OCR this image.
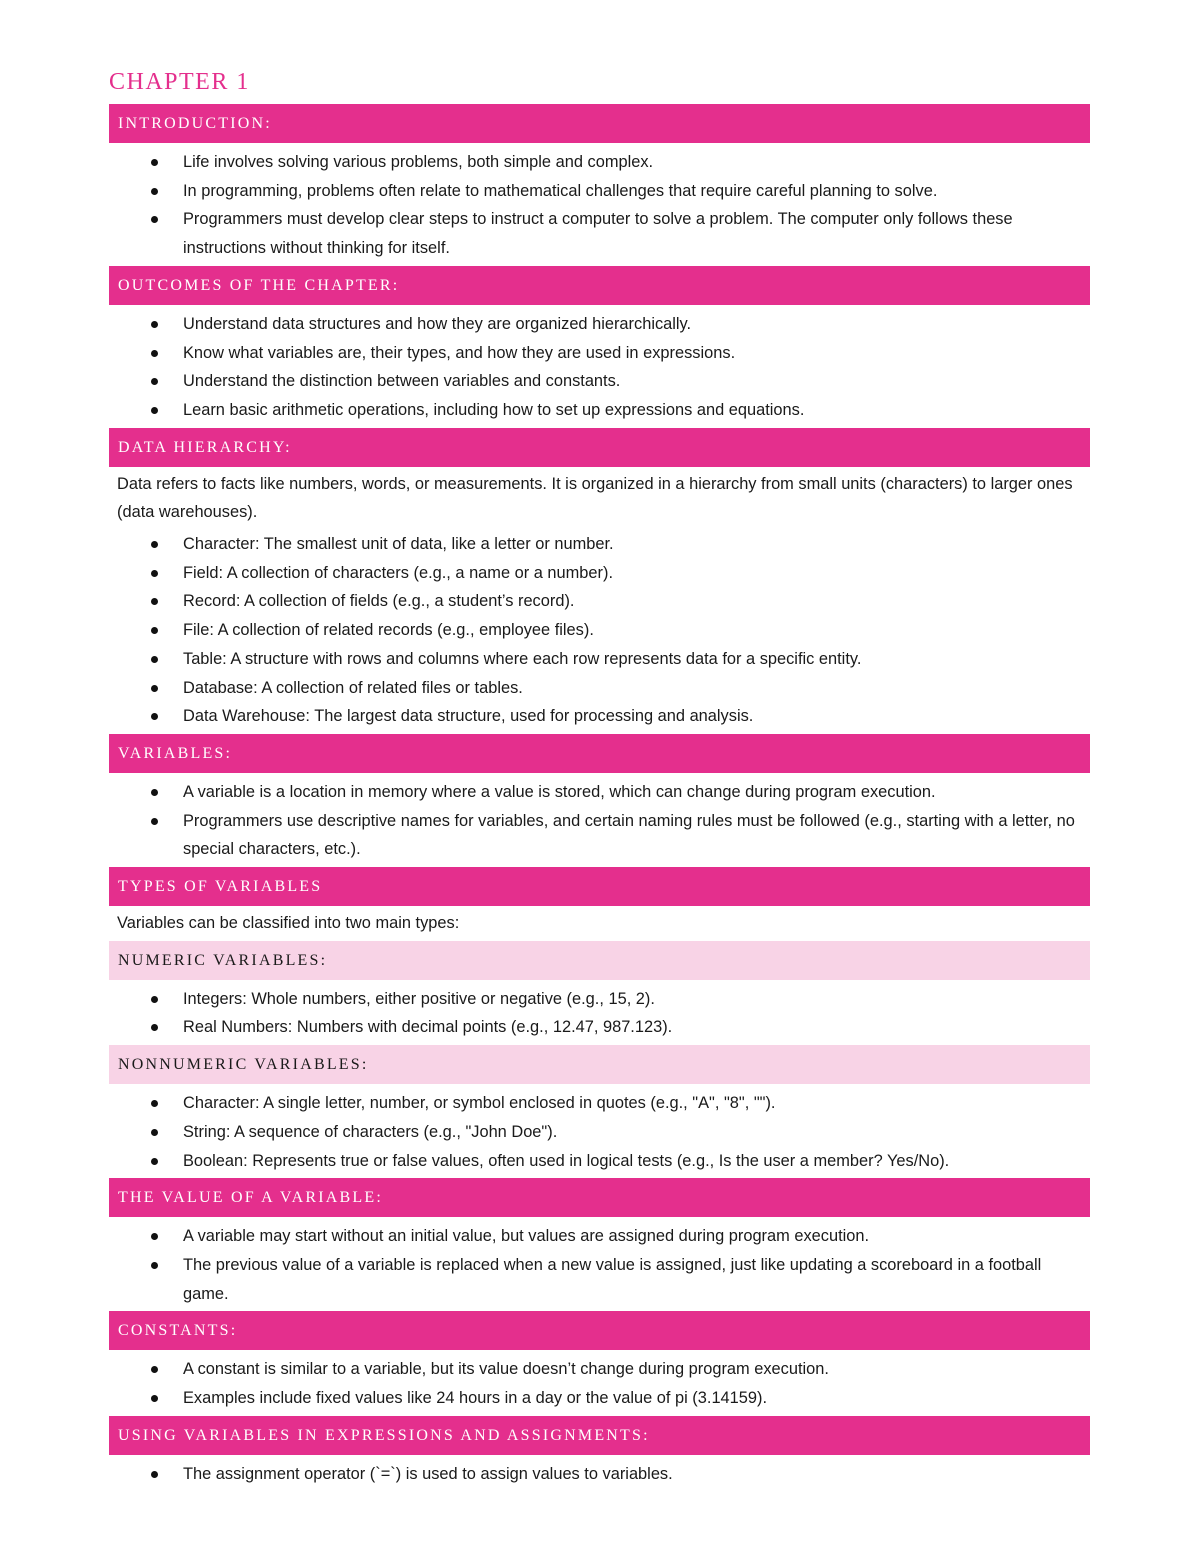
CHAPTER 1
INTRODUCTION:
Life involves solving various problems, both simple and complex.
In programming, problems often relate to mathematical challenges that require careful planning to solve.
Programmers must develop clear steps to instruct a computer to solve a problem. The computer only follows these instructions without thinking for itself.
OUTCOMES OF THE CHAPTER:
Understand data structures and how they are organized hierarchically.
Know what variables are, their types, and how they are used in expressions.
Understand the distinction between variables and constants.
Learn basic arithmetic operations, including how to set up expressions and equations.
DATA HIERARCHY:

Data refers to facts like numbers, words, or measurements. It is organized in a hierarchy from small units (characters) to larger ones (data warehouses).

Character: The smallest unit of data, like a letter or number.
Field: A collection of characters (e.g., a name or a number).
Record: A collection of fields (e.g., a student’s record).
File: A collection of related records (e.g., employee files).
Table: A structure with rows and columns where each row represents data for a specific entity.
Database: A collection of related files or tables.
Data Warehouse: The largest data structure, used for processing and analysis.
VARIABLES:
A variable is a location in memory where a value is stored, which can change during program execution.
Programmers use descriptive names for variables, and certain naming rules must be followed (e.g., starting with a letter, no special characters, etc.).
TYPES OF VARIABLES

Variables can be classified into two main types:

NUMERIC VARIABLES:
Integers: Whole numbers, either positive or negative (e.g., 15, 2).
Real Numbers: Numbers with decimal points (e.g., 12.47, 987.123).
NONNUMERIC VARIABLES:
Character: A single letter, number, or symbol enclosed in quotes (e.g., "A", "8", "").
String: A sequence of characters (e.g., "John Doe").
Boolean: Represents true or false values, often used in logical tests (e.g., Is the user a member? Yes/No).
THE VALUE OF A VARIABLE:
A variable may start without an initial value, but values are assigned during program execution.
The previous value of a variable is replaced when a new value is assigned, just like updating a scoreboard in a football game.
CONSTANTS:
A constant is similar to a variable, but its value doesn’t change during program execution.
Examples include fixed values like 24 hours in a day or the value of pi (3.14159).
USING VARIABLES IN EXPRESSIONS AND ASSIGNMENTS:
The assignment operator (`=`) is used to assign values to variables.
